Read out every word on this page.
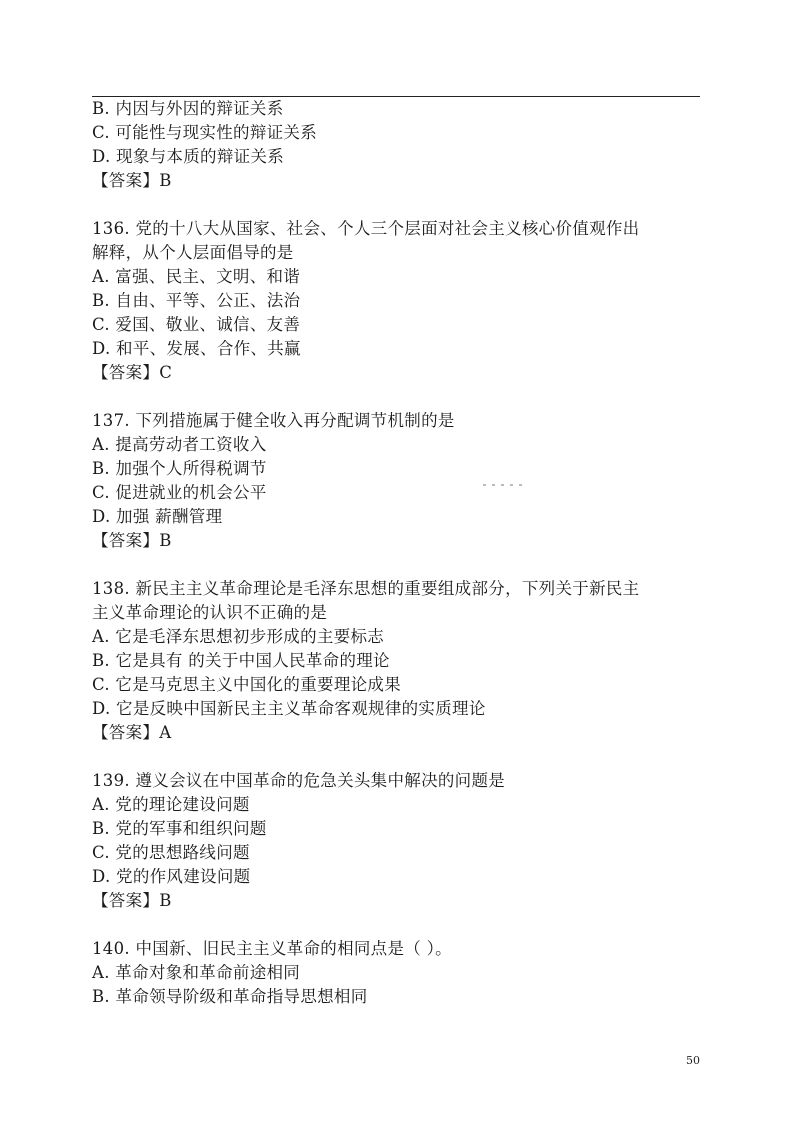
B. 内因与外因的辩证关系
C. 可能性与现实性的辩证关系
D. 现象与本质的辩证关系
【答案】B
136. 党的十八大从国家、社会、个人三个层面对社会主义核心价值观作出
解释，从个人层面倡导的是
A. 富强、民主、文明、和谐
B. 自由、平等、公正、法治
C. 爱国、敬业、诚信、友善
D. 和平、发展、合作、共赢
【答案】C
137. 下列措施属于健全收入再分配调节机制的是
A. 提高劳动者工资收入
B. 加强个人所得税调节
C. 促进就业的机会公平
D. 加强 薪酬管理
【答案】B
138. 新民主主义革命理论是毛泽东思想的重要组成部分，下列关于新民主
主义革命理论的认识不正确的是
A. 它是毛泽东思想初步形成的主要标志
B. 它是具有 的关于中国人民革命的理论
C. 它是马克思主义中国化的重要理论成果
D. 它是反映中国新民主主义革命客观规律的实质理论
【答案】A
139. 遵义会议在中国革命的危急关头集中解决的问题是
A. 党的理论建设问题
B. 党的军事和组织问题
C. 党的思想路线问题
D. 党的作风建设问题
【答案】B
140. 中国新、旧民主主义革命的相同点是（ ）。
A. 革命对象和革命前途相同
B. 革命领导阶级和革命指导思想相同
50
